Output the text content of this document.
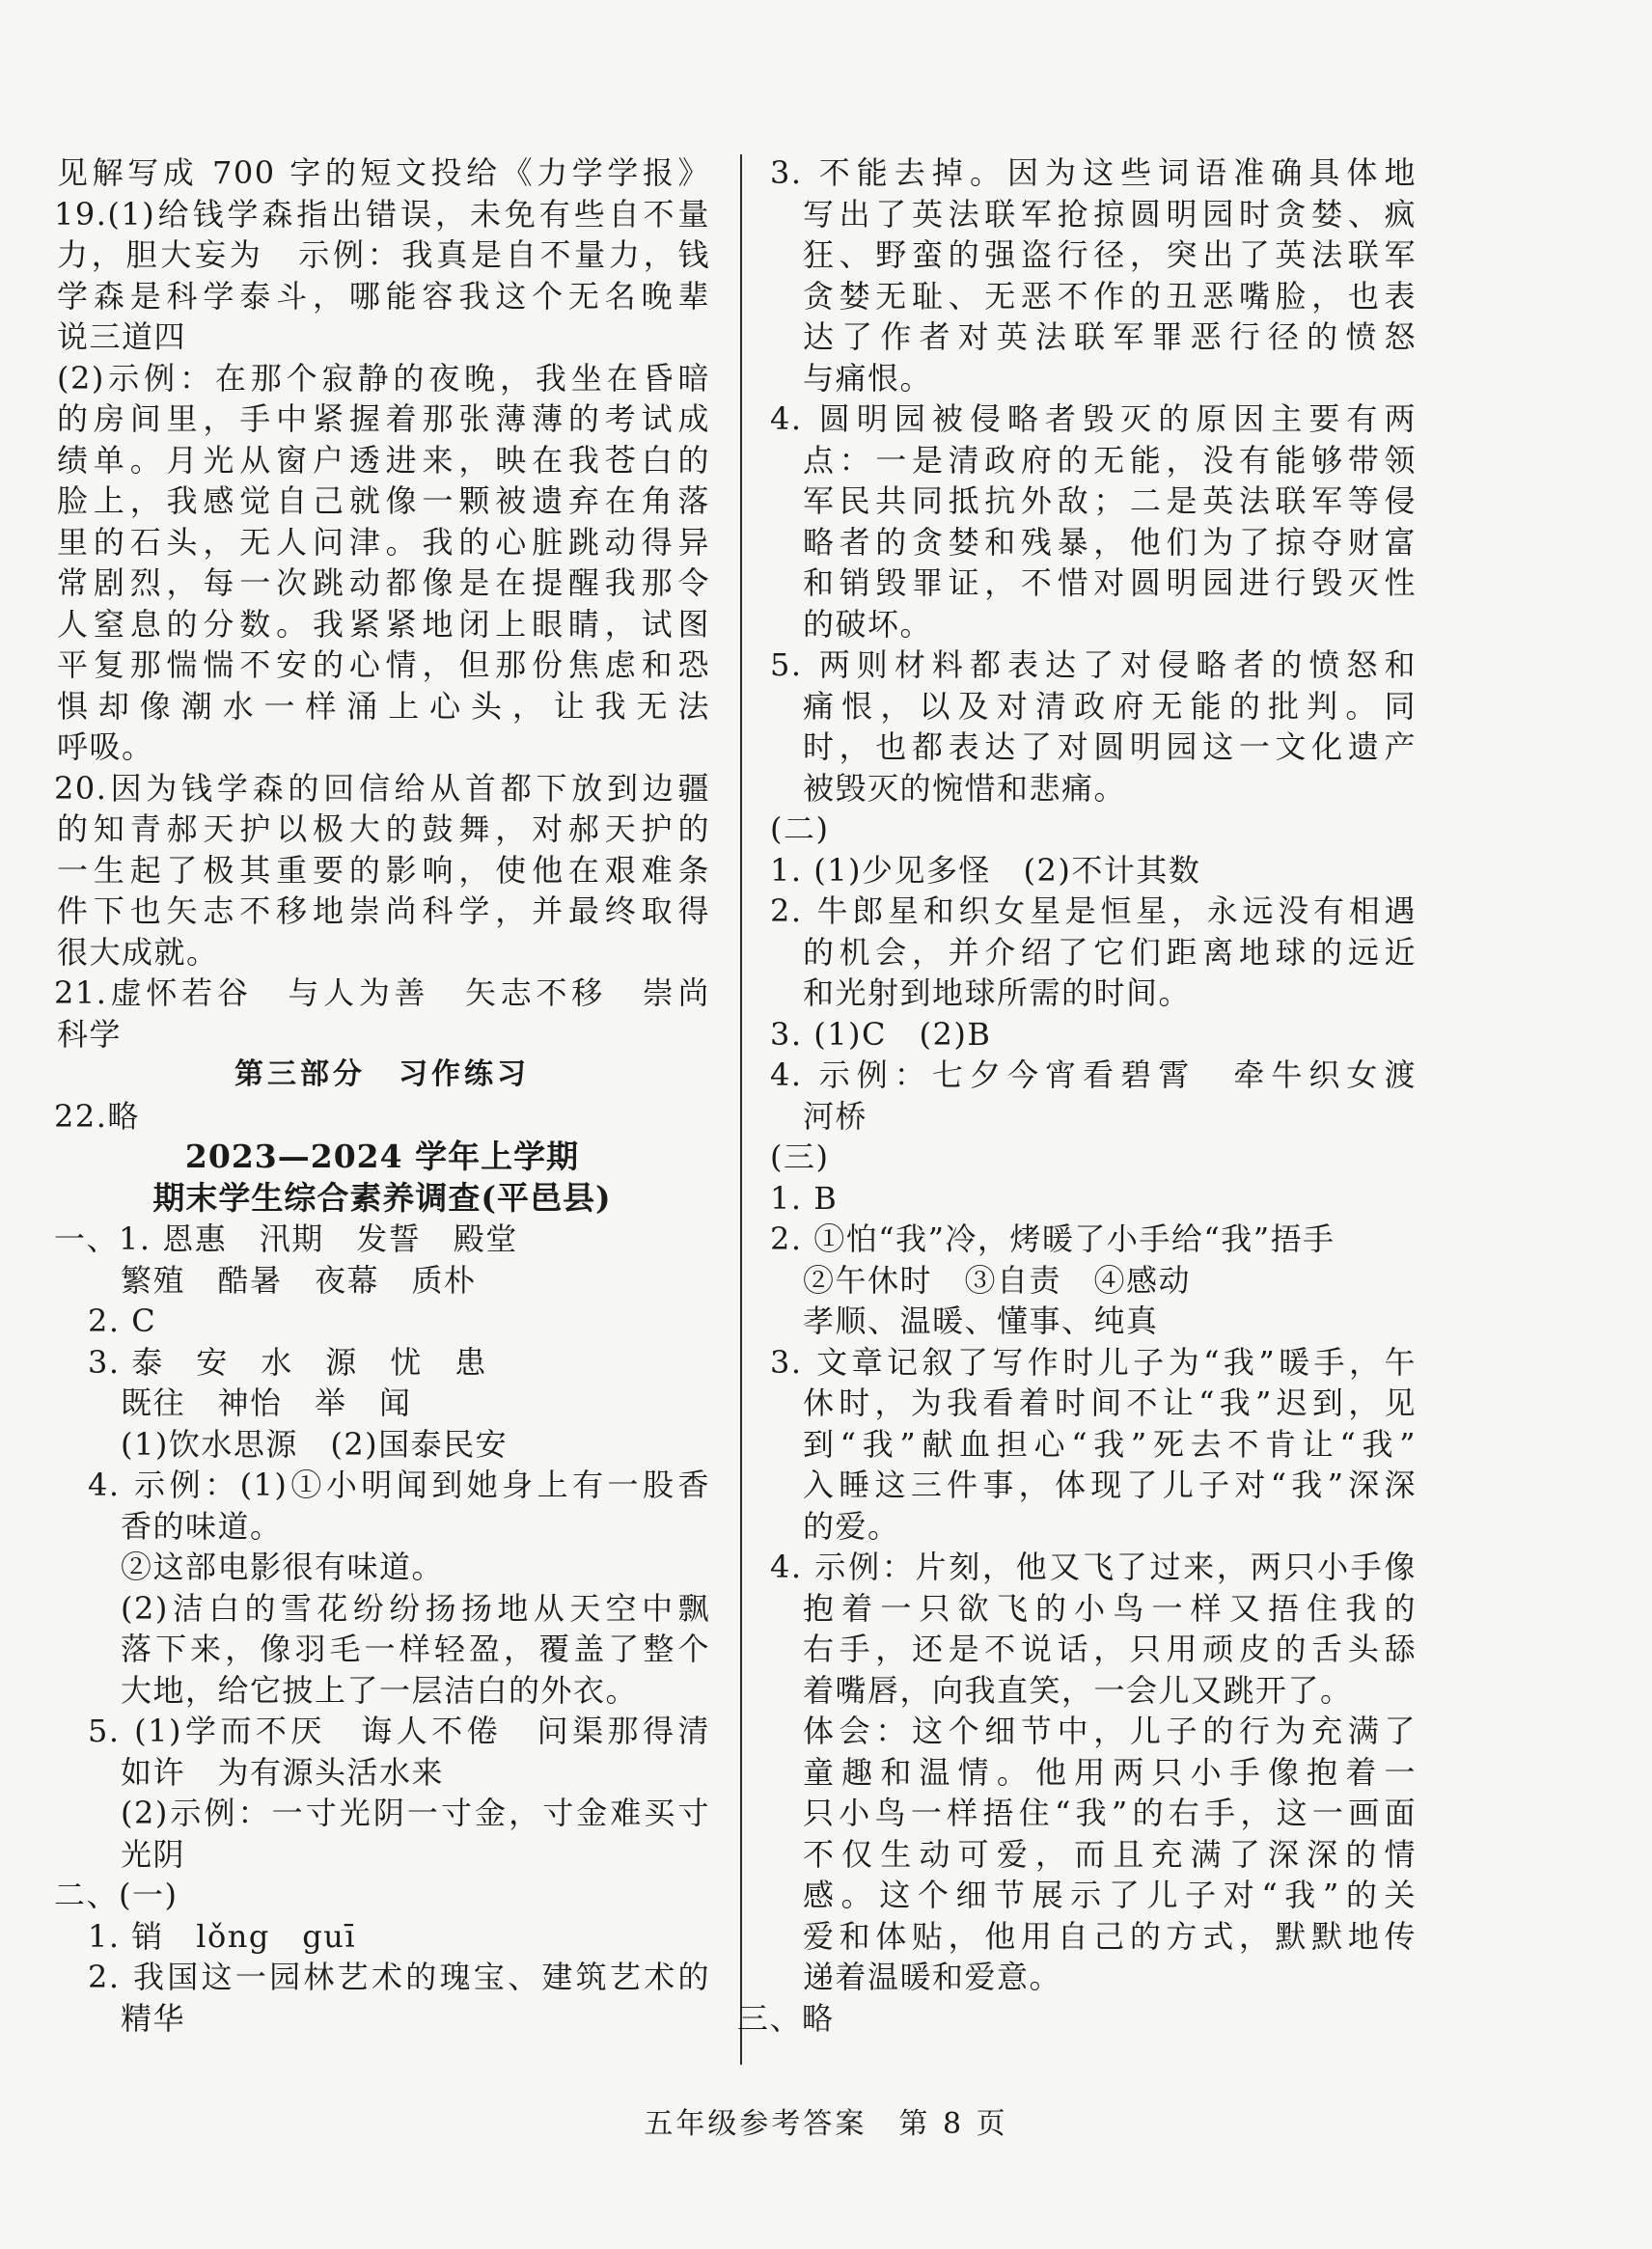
见解写成 700 字的短文投给《力学学报》
19.(1)给钱学森指出错误，未免有些自不量
力，胆大妄为　示例：我真是自不量力，钱
学森是科学泰斗，哪能容我这个无名晚辈
说三道四
(2)示例：在那个寂静的夜晚，我坐在昏暗
的房间里，手中紧握着那张薄薄的考试成
绩单。月光从窗户透进来，映在我苍白的
脸上，我感觉自己就像一颗被遗弃在角落
里的石头，无人问津。我的心脏跳动得异
常剧烈，每一次跳动都像是在提醒我那令
人窒息的分数。我紧紧地闭上眼睛，试图
平复那惴惴不安的心情，但那份焦虑和恐
惧却像潮水一样涌上心头，让我无法
呼吸。
20.因为钱学森的回信给从首都下放到边疆
的知青郝天护以极大的鼓舞，对郝天护的
一生起了极其重要的影响，使他在艰难条
件下也矢志不移地崇尚科学，并最终取得
很大成就。
21.虚怀若谷　与人为善　矢志不移　崇尚
科学
第三部分　习作练习
22.略
2023—2024 学年上学期
期末学生综合素养调查(平邑县)
一、1. 恩惠　汛期　发誓　殿堂
繁殖　酷暑　夜幕　质朴
2. C
3. 泰　安　水　源　忧　患
既往　神怡　举　闻
(1)饮水思源　(2)国泰民安
4. 示例：(1)①小明闻到她身上有一股香
香的味道。
②这部电影很有味道。
(2)洁白的雪花纷纷扬扬地从天空中飘
落下来，像羽毛一样轻盈，覆盖了整个
大地，给它披上了一层洁白的外衣。
5. (1)学而不厌　诲人不倦　问渠那得清
如许　为有源头活水来
(2)示例：一寸光阴一寸金，寸金难买寸
光阴
二、(一)
1. 销　lǒng　guī
2. 我国这一园林艺术的瑰宝、建筑艺术的
精华
3. 不能去掉。因为这些词语准确具体地
写出了英法联军抢掠圆明园时贪婪、疯
狂、野蛮的强盗行径，突出了英法联军
贪婪无耻、无恶不作的丑恶嘴脸，也表
达了作者对英法联军罪恶行径的愤怒
与痛恨。
4. 圆明园被侵略者毁灭的原因主要有两
点：一是清政府的无能，没有能够带领
军民共同抵抗外敌；二是英法联军等侵
略者的贪婪和残暴，他们为了掠夺财富
和销毁罪证，不惜对圆明园进行毁灭性
的破坏。
5. 两则材料都表达了对侵略者的愤怒和
痛恨，以及对清政府无能的批判。同
时，也都表达了对圆明园这一文化遗产
被毁灭的惋惜和悲痛。
(二)
1. (1)少见多怪　(2)不计其数
2. 牛郎星和织女星是恒星，永远没有相遇
的机会，并介绍了它们距离地球的远近
和光射到地球所需的时间。
3. (1)C　(2)B
4. 示例：七夕今宵看碧霄　牵牛织女渡
河桥
(三)
1. B
2. ①怕“我”冷，烤暖了小手给“我”捂手
②午休时　③自责　④感动
孝顺、温暖、懂事、纯真
3. 文章记叙了写作时儿子为“我”暖手，午
休时，为我看着时间不让“我”迟到，见
到“我”献血担心“我”死去不肯让“我”
入睡这三件事，体现了儿子对“我”深深
的爱。
4. 示例：片刻，他又飞了过来，两只小手像
抱着一只欲飞的小鸟一样又捂住我的
右手，还是不说话，只用顽皮的舌头舔
着嘴唇，向我直笑，一会儿又跳开了。
体会：这个细节中，儿子的行为充满了
童趣和温情。他用两只小手像抱着一
只小鸟一样捂住“我”的右手，这一画面
不仅生动可爱，而且充满了深深的情
感。这个细节展示了儿子对“我”的关
爱和体贴，他用自己的方式，默默地传
递着温暖和爱意。
三、略
五年级参考答案　第 8 页
